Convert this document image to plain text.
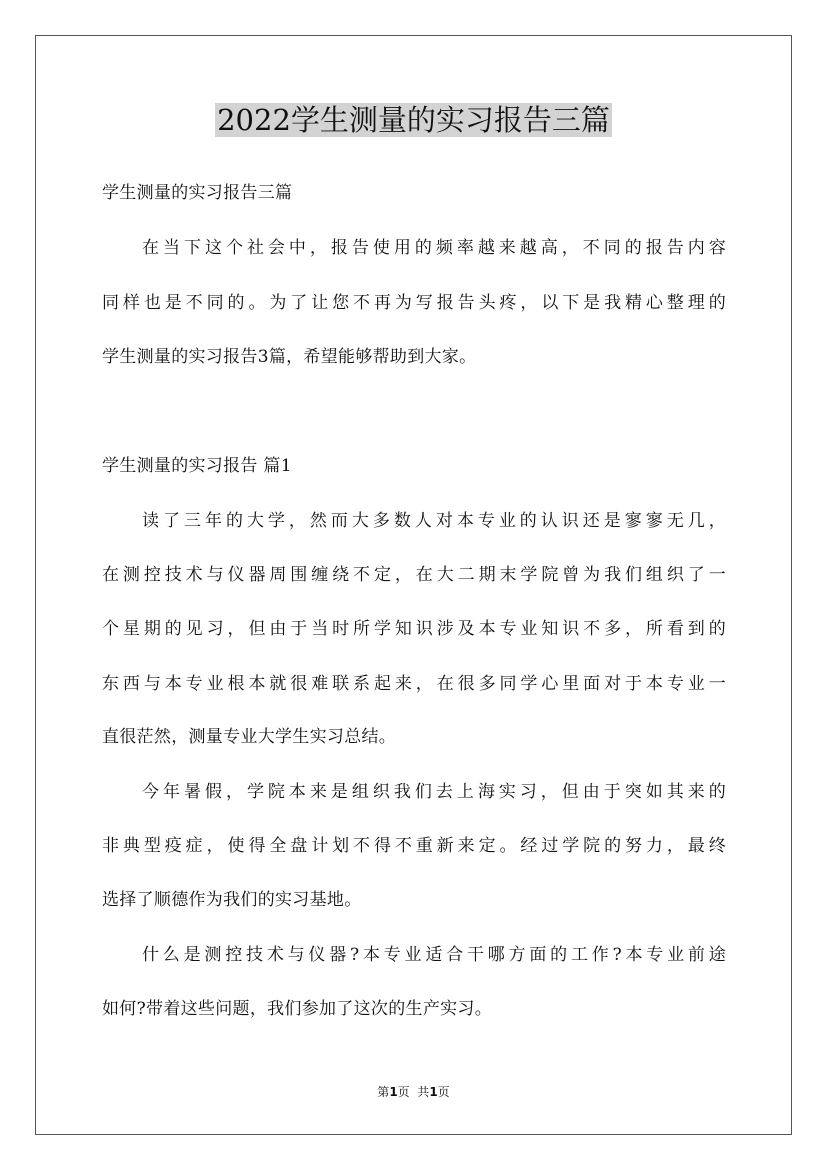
2022学生测量的实习报告三篇
学生测量的实习报告三篇
在当下这个社会中，报告使用的频率越来越高，不同的报告内容
同样也是不同的。为了让您不再为写报告头疼，以下是我精心整理的
学生测量的实习报告3篇，希望能够帮助到大家。
学生测量的实习报告 篇1
读了三年的大学，然而大多数人对本专业的认识还是寥寥无几，
在测控技术与仪器周围缠绕不定，在大二期末学院曾为我们组织了一
个星期的见习，但由于当时所学知识涉及本专业知识不多，所看到的
东西与本专业根本就很难联系起来，在很多同学心里面对于本专业一
直很茫然，测量专业大学生实习总结。
今年暑假，学院本来是组织我们去上海实习，但由于突如其来的
非典型疫症，使得全盘计划不得不重新来定。经过学院的努力，最终
选择了顺德作为我们的实习基地。
什么是测控技术与仪器?本专业适合干哪方面的工作?本专业前途
如何?带着这些问题，我们参加了这次的生产实习。
第1页  共1页
